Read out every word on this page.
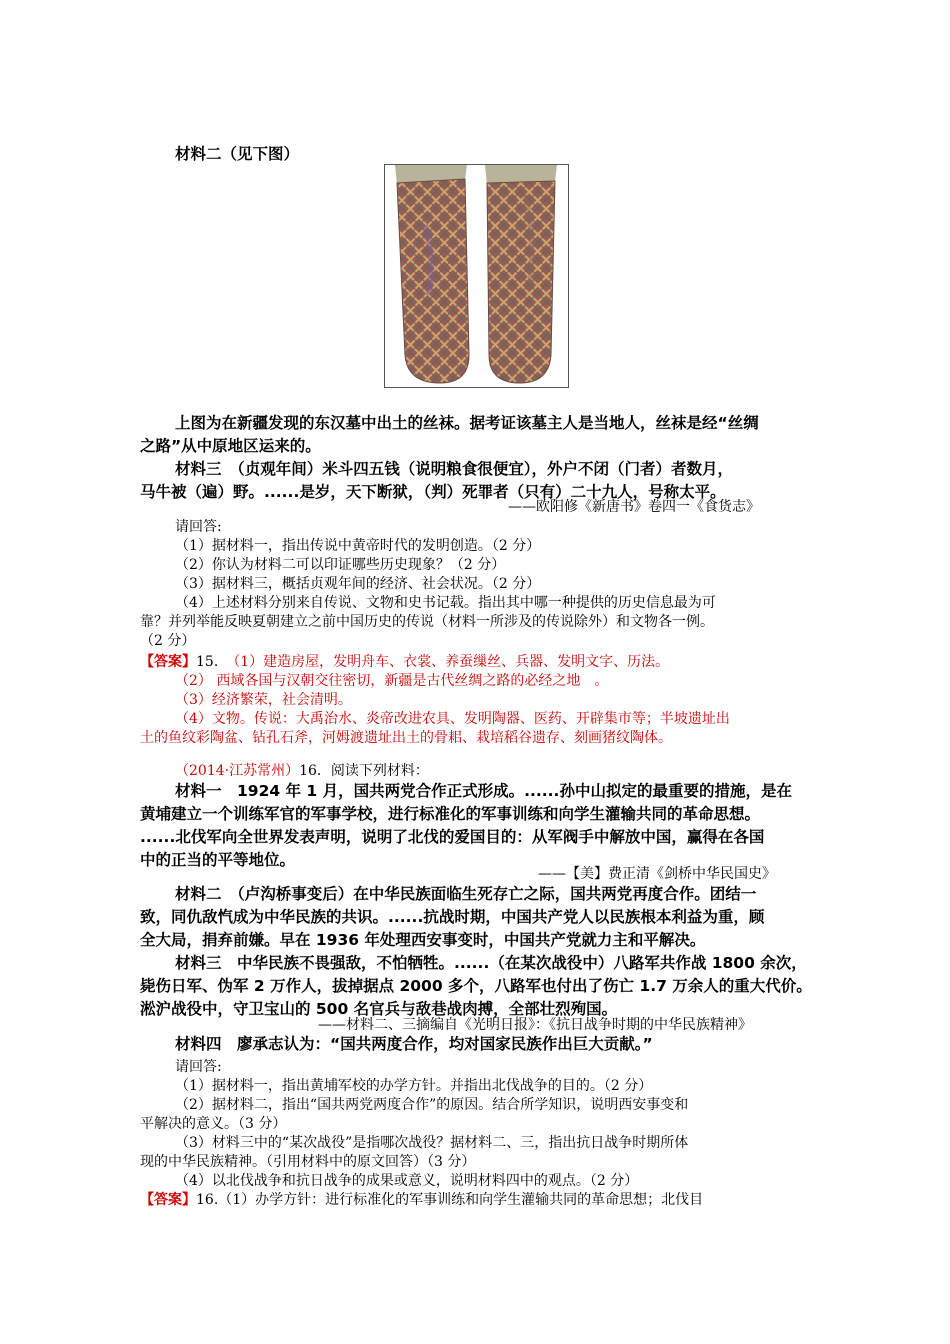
材料二（见下图）
上图为在新疆发现的东汉墓中出土的丝袜。据考证该墓主人是当地人，丝袜是经“丝绸
之路”从中原地区运来的。
材料三　（贞观年间）米斗四五钱（说明粮食很便宜），外户不闭（门者）者数月，
马牛被（遍）野。......是岁，天下断狱，（判）死罪者（只有）二十九人，号称太平。
——欧阳修《新唐书》卷四一《食货志》
请回答:
（1）据材料一，指出传说中黄帝时代的发明创造。（2 分）
（2）你认为材料二可以印证哪些历史现象？（2 分）
（3）据材料三，概括贞观年间的经济、社会状况。（2 分）
（4）上述材料分别来自传说、文物和史书记载。指出其中哪一种提供的历史信息最为可
靠？并列举能反映夏朝建立之前中国历史的传说（材料一所涉及的传说除外）和文物各一例。
（2 分）
【答案】15. （1）建造房屋，发明舟车、衣裳、养蚕缫丝、兵器、发明文字、历法。
（2） 西域各国与汉朝交往密切，新疆是古代丝绸之路的必经之地　。
（3）经济繁荣，社会清明。
（4）文物。传说：大禹治水、炎帝改进农具、发明陶器、医药、开辟集市等；半坡遗址出
土的鱼纹彩陶盆、钻孔石斧，河姆渡遗址出土的骨耜、栽培稻谷遗存、刻画猪纹陶体。
（2014·江苏常州）16．阅读下列材料：
材料一　1924 年 1 月，国共两党合作正式形成。......孙中山拟定的最重要的措施，是在
黄埔建立一个训练军官的军事学校，进行标准化的军事训练和向学生灌输共同的革命思想。
......北伐军向全世界发表声明，说明了北伐的爱国目的：从军阀手中解放中国，赢得在各国
中的正当的平等地位。
——【美】费正清《剑桥中华民国史》
材料二　（卢沟桥事变后）在中华民族面临生死存亡之际，国共两党再度合作。团结一
致，同仇敌忾成为中华民族的共识。......抗战时期，中国共产党人以民族根本利益为重，顾
全大局，捐弃前嫌。早在 1936 年处理西安事变时，中国共产党就力主和平解决。
材料三　中华民族不畏强敌，不怕牺牲。......（在某次战役中）八路军共作战 1800 余次，
毙伤日军、伪军 2 万作人，拔掉据点 2000 多个，八路军也付出了伤亡 1.7 万余人的重大代价。
淞沪战役中，守卫宝山的 500 名官兵与敌巷战肉搏，全部壮烈殉国。
——材料二、三摘编自《光明日报》：《抗日战争时期的中华民族精神》
材料四　廖承志认为：“国共两度合作，均对国家民族作出巨大贡献。”
请回答:
（1）据材料一，指出黄埔军校的办学方针。并指出北伐战争的目的。（2 分）
（2）据材料二，指出“国共两党两度合作”的原因。结合所学知识，说明西安事变和
平解决的意义。（3 分）
（3）材料三中的“某次战役”是指哪次战役？据材料二、三，指出抗日战争时期所体
现的中华民族精神。（引用材料中的原文回答）（3 分）
（4）以北伐战争和抗日战争的成果或意义，说明材料四中的观点。（2 分）
【答案】16.（1）办学方针：进行标准化的军事训练和向学生灌输共同的革命思想；北伐目
